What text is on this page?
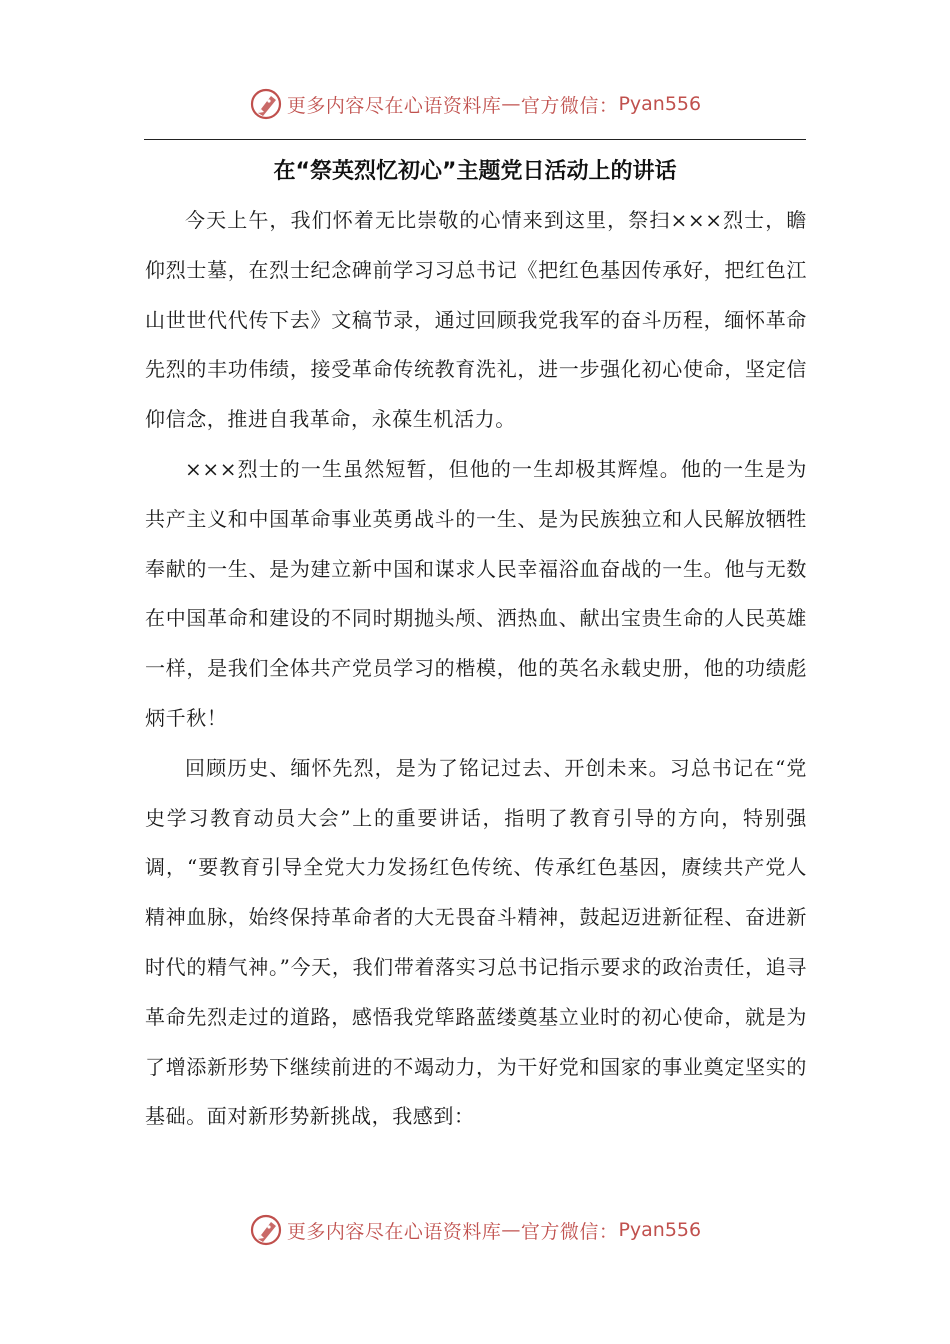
更多内容尽在心语资料库 — 官方微信： Pyan556
在“祭英烈忆初心”主题党日活动上的讲话

今天上午，我们怀着无比崇敬的心情来到这里，祭扫×××烈士，瞻仰烈士墓，在烈士纪念碑前学习习总书记《把红色基因传承好，把红色江山世世代代传下去》文稿节录，通过回顾我党我军的奋斗历程，缅怀革命先烈的丰功伟绩，接受革命传统教育洗礼，进一步强化初心使命，坚定信仰信念，推进自我革命，永葆生机活力。

×××烈士的一生虽然短暂，但他的一生却极其辉煌。他的一生是为共产主义和中国革命事业英勇战斗的一生、是为民族独立和人民解放牺牲奉献的一生、是为建立新中国和谋求人民幸福浴血奋战的一生。他与无数在中国革命和建设的不同时期抛头颅、洒热血、献出宝贵生命的人民英雄一样，是我们全体共产党员学习的楷模，他的英名永载史册，他的功绩彪炳千秋！

回顾历史、缅怀先烈，是为了铭记过去、开创未来。习总书记在“党史学习教育动员大会”上的重要讲话，指明了教育引导的方向，特别强调，“要教育引导全党大力发扬红色传统、传承红色基因，赓续共产党人精神血脉，始终保持革命者的大无畏奋斗精神，鼓起迈进新征程、奋进新时代的精气神。”今天，我们带着落实习总书记指示要求的政治责任，追寻革命先烈走过的道路，感悟我党筚路蓝缕奠基立业时的初心使命，就是为了增添新形势下继续前进的不竭动力，为干好党和国家的事业奠定坚实的基础。面对新形势新挑战，我感到：

更多内容尽在心语资料库 — 官方微信： Pyan556
